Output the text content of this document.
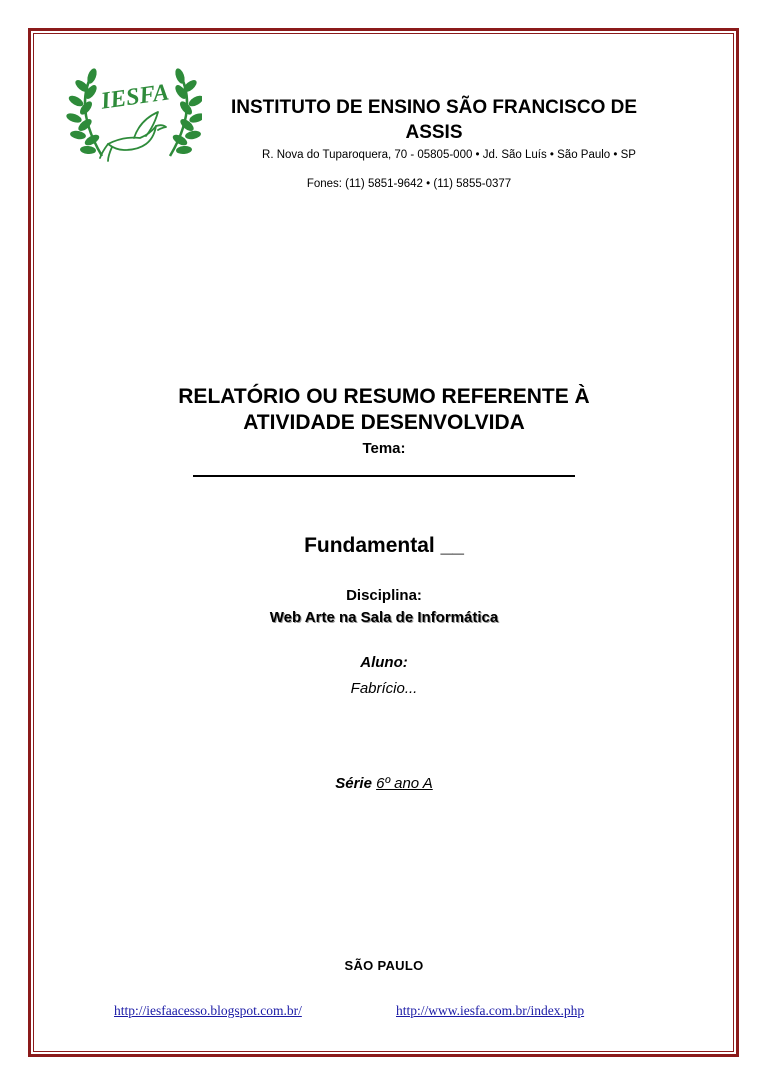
IESFA	INSTITUTO DE ENSINO SÃO FRANCISCO DE ASSIS
R. Nova do Tuparoquera, 70 - 05805-000 • Jd. São Luís • São Paulo • SP
Fones: (11) 5851-9642 • (11) 5855-0377
RELATÓRIO OU RESUMO REFERENTE À ATIVIDADE DESENVOLVIDA
Tema:
Fundamental __
Disciplina:
Web Arte na Sala de Informática
Aluno:
Fabrício...
Série 6º ano A
SÃO PAULO
http://iesfaacesso.blogspot.com.br/	http://www.iesfa.com.br/index.php
